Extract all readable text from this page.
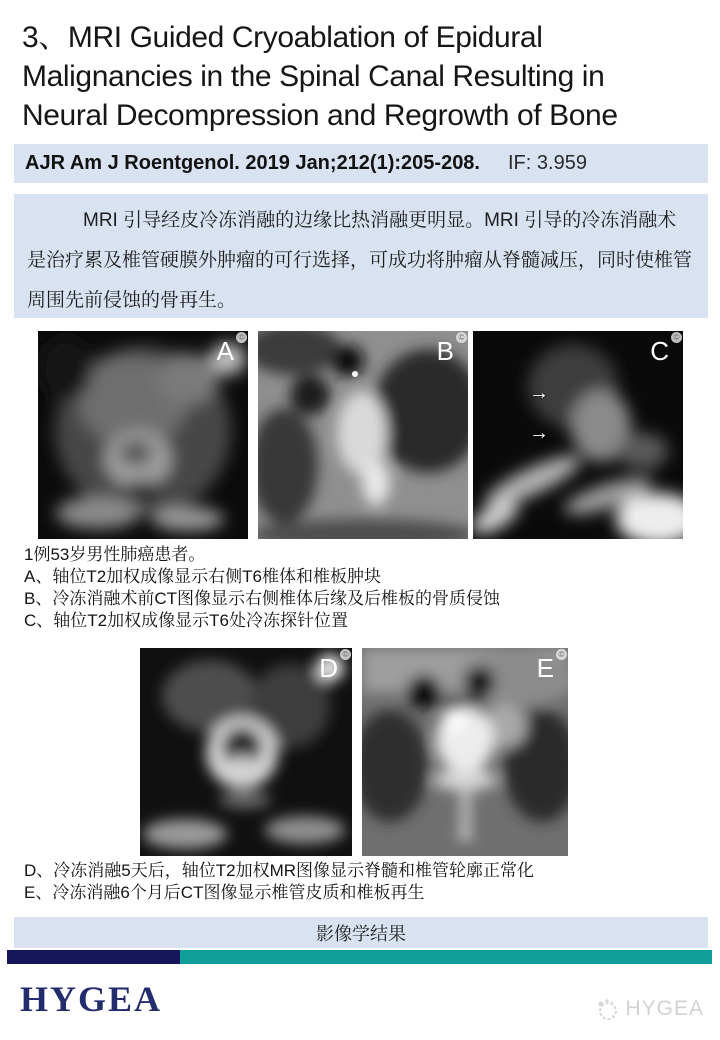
3、MRI Guided Cryoablation of Epidural Malignancies in the Spinal Canal Resulting in Neural Decompression and Regrowth of Bone
AJR Am J Roentgenol. 2019 Jan;212(1):205-208. IF: 3.959

MRI 引导经皮冷冻消融的边缘比热消融更明显。MRI 引导的冷冻消融术是治疗累及椎管硬膜外肿瘤的可行选择，可成功将肿瘤从脊髓减压，同时使椎管周围先前侵蚀的骨再生。

A ©	B ©
→
→
C ©
1例53岁男性肺癌患者。
A、轴位T2加权成像显示右侧T6椎体和椎板肿块
B、冷冻消融术前CT图像显示右侧椎体后缘及后椎板的骨质侵蚀
C、轴位T2加权成像显示T6处冷冻探针位置
D ©	E ©
D、冷冻消融5天后，轴位T2加权MR图像显示脊髓和椎管轮廓正常化
E、冷冻消融6个月后CT图像显示椎管皮质和椎板再生
影像学结果
HYGEA	HYGEA
